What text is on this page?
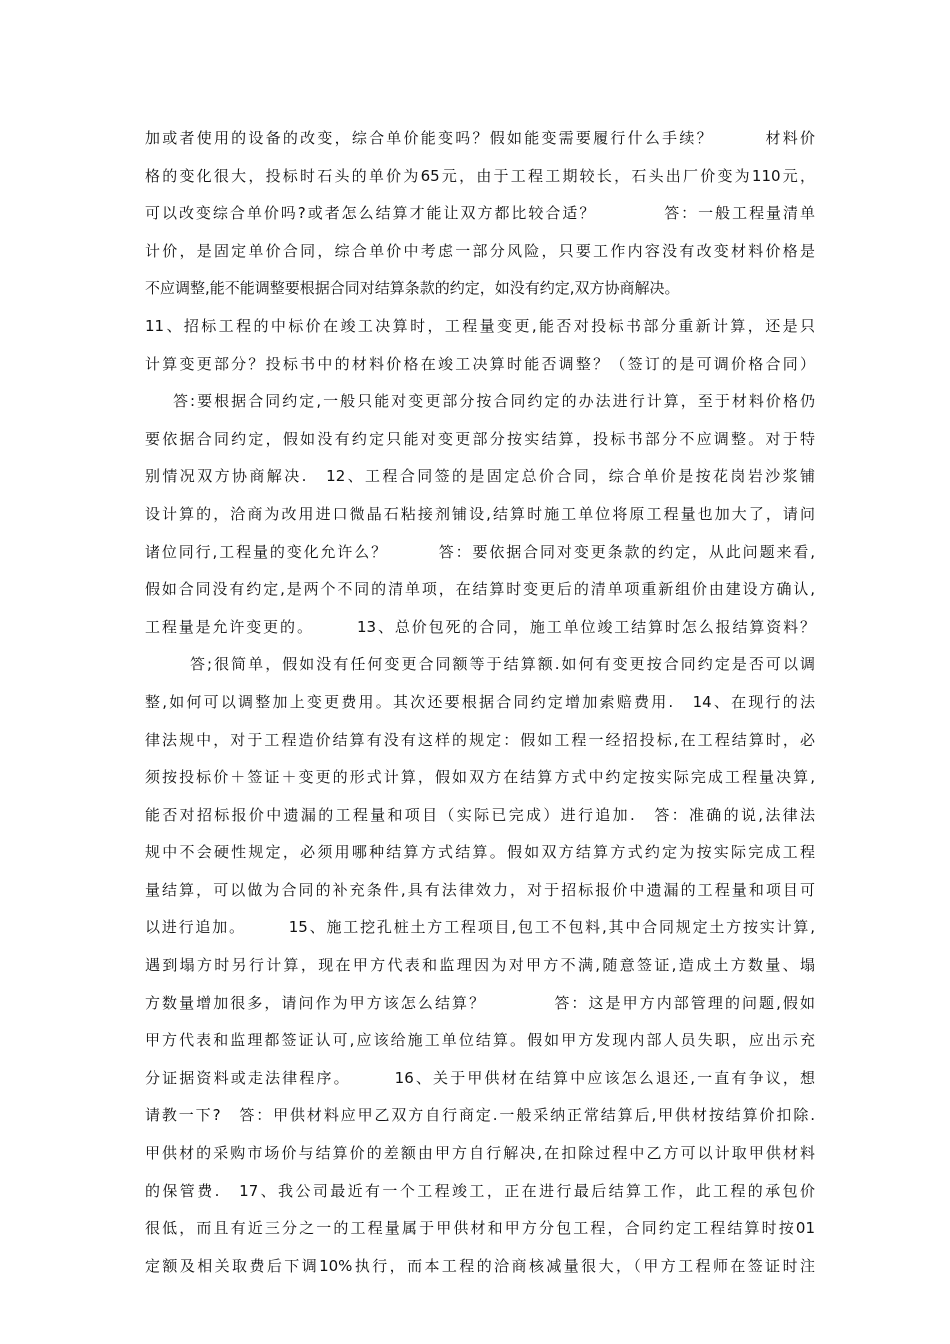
加或者使用的设备的改变，综合单价能变吗？假如能变需要履行什么手续？　　　材料价
格的变化很大，投标时石头的单价为65元，由于工程工期较长，石头出厂价变为110元，
可以改变综合单价吗?或者怎么结算才能让双方都比较合适？　　　　答：一般工程量清单
计价，是固定单价合同，综合单价中考虑一部分风险，只要工作内容没有改变材料价格是
不应调整,能不能调整要根据合同对结算条款的约定，如没有约定,双方协商解决。
11、招标工程的中标价在竣工决算时，工程量变更,能否对投标书部分重新计算，还是只
计算变更部分？投标书中的材料价格在竣工决算时能否调整？（签订的是可调价格合同）
答:要根据合同约定,一般只能对变更部分按合同约定的办法进行计算，至于材料价格仍
要依据合同约定，假如没有约定只能对变更部分按实结算，投标书部分不应调整。对于特
别情况双方协商解决.　12、工程合同签的是固定总价合同，综合单价是按花岗岩沙浆铺
设计算的，洽商为改用进口微晶石粘接剂铺设,结算时施工单位将原工程量也加大了，请问
诸位同行,工程量的变化允许么？　　　答：要依据合同对变更条款的约定，从此问题来看,
假如合同没有约定,是两个不同的清单项，在结算时变更后的清单项重新组价由建设方确认,
工程量是允许变更的。　　　13、总价包死的合同，施工单位竣工结算时怎么报结算资料？
答;很简单，假如没有任何变更合同额等于结算额.如何有变更按合同约定是否可以调
整,如何可以调整加上变更费用。其次还要根据合同约定增加索赔费用.　14、在现行的法
律法规中，对于工程造价结算有没有这样的规定：假如工程一经招投标,在工程结算时，必
须按投标价＋签证＋变更的形式计算，假如双方在结算方式中约定按实际完成工程量决算,
能否对招标报价中遗漏的工程量和项目（实际已完成）进行追加.　答：准确的说,法律法
规中不会硬性规定，必须用哪种结算方式结算。假如双方结算方式约定为按实际完成工程
量结算，可以做为合同的补充条件,具有法律效力，对于招标报价中遗漏的工程量和项目可
以进行追加。　　　15、施工挖孔桩土方工程项目,包工不包料,其中合同规定土方按实计算,
遇到塌方时另行计算，现在甲方代表和监理因为对甲方不满,随意签证,造成土方数量、塌
方数量增加很多，请问作为甲方该怎么结算？　　　　答：这是甲方内部管理的问题,假如
甲方代表和监理都签证认可,应该给施工单位结算。假如甲方发现内部人员失职，应出示充
分证据资料或走法律程序。　　　16、关于甲供材在结算中应该怎么退还,一直有争议，想
请教一下?　答：甲供材料应甲乙双方自行商定.一般采纳正常结算后,甲供材按结算价扣除.
甲供材的采购市场价与结算价的差额由甲方自行解决,在扣除过程中乙方可以计取甲供材料
的保管费.　17、我公司最近有一个工程竣工，正在进行最后结算工作，此工程的承包价
很低，而且有近三分之一的工程量属于甲供材和甲方分包工程，合同约定工程结算时按01
定额及相关取费后下调10%执行，而本工程的洽商核减量很大，（甲方工程师在签证时注
